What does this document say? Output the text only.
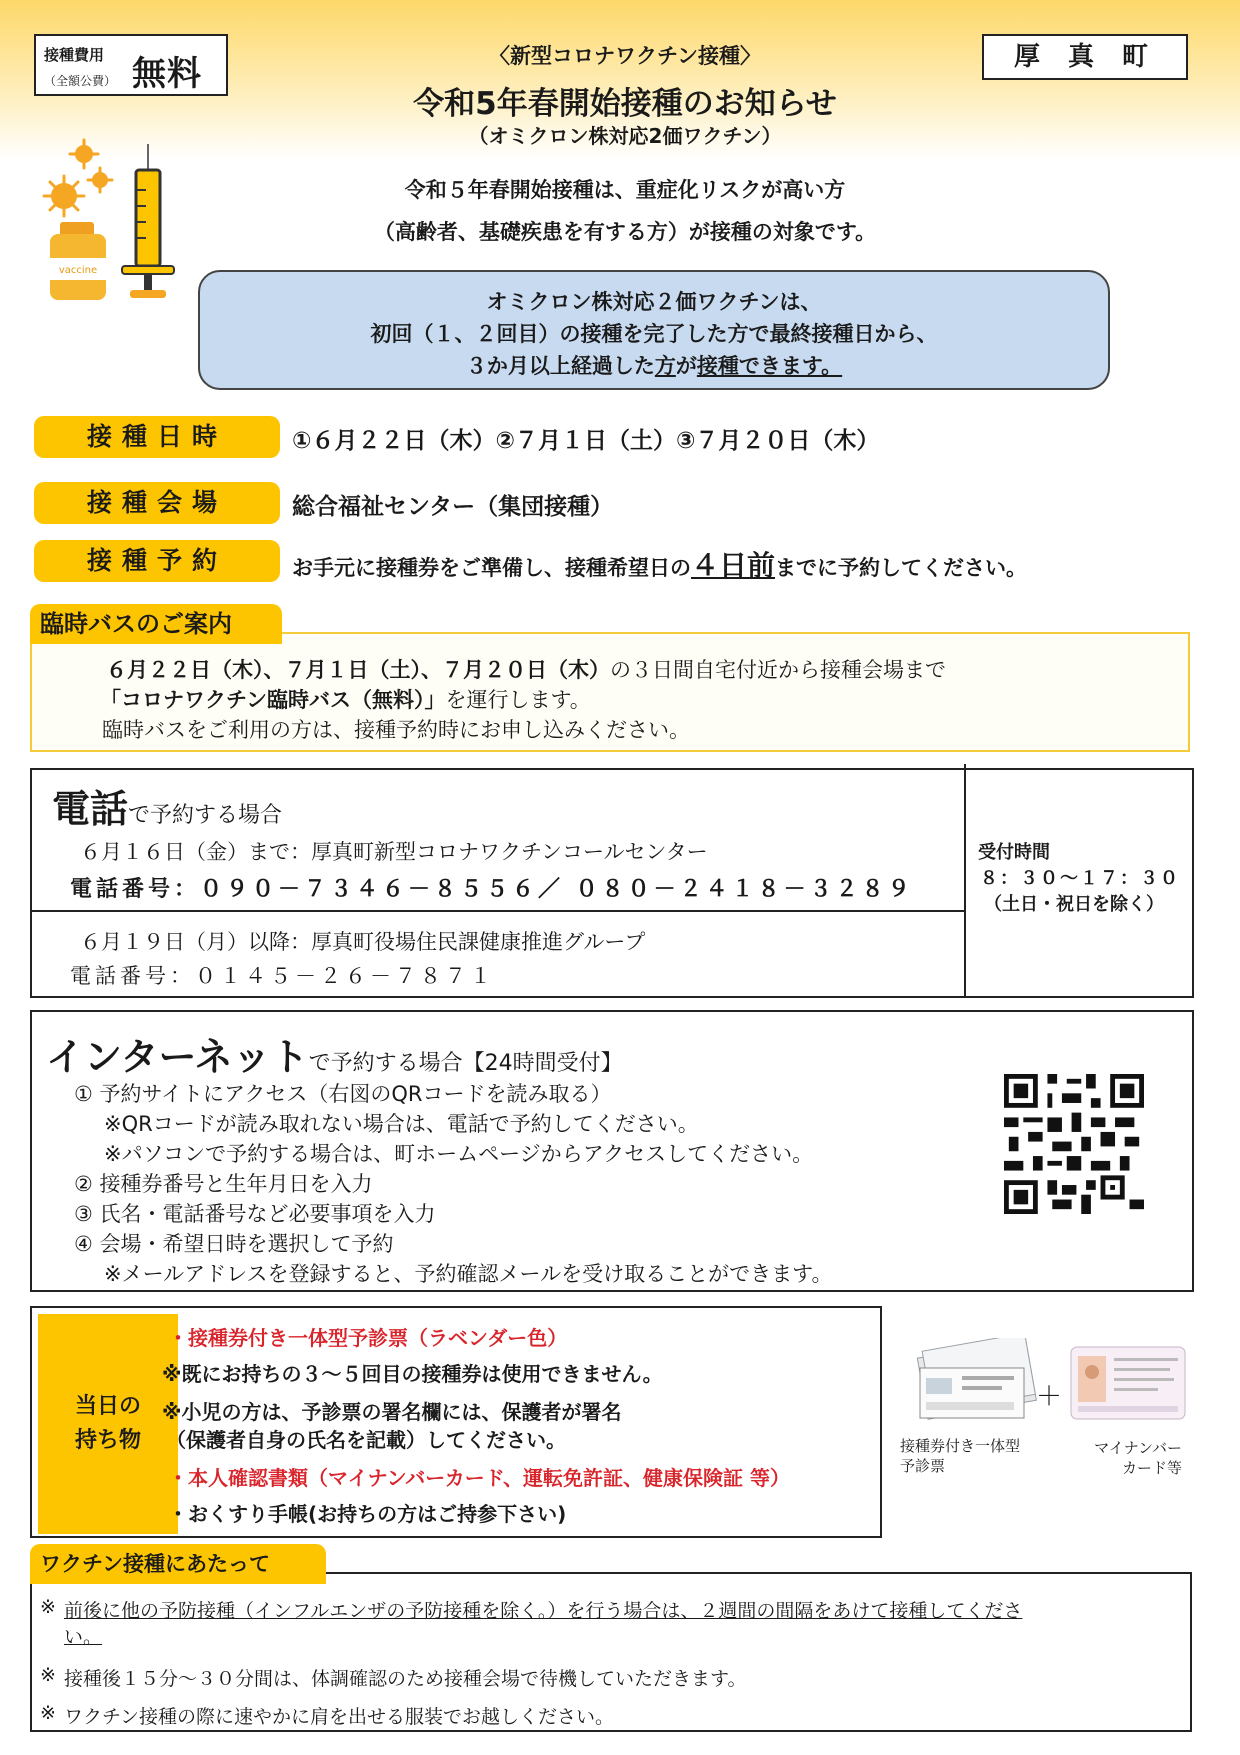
接種費用
（全額公費） 無料	厚真町
〈新型コロナワクチン接種〉
令和5年春開始接種のお知らせ
（オミクロン株対応2価ワクチン）
vaccine
令和５年春開始接種は、重症化リスクが高い方
（高齢者、基礎疾患を有する方）が接種の対象です。
オミクロン株対応２価ワクチンは、
初回（１、２回目）の接種を完了した方で最終接種日から、
３か月以上経過した方が接種できます。
接種日時	①６月２２日（木）②７月１日（土）③７月２０日（木）
接種会場	総合福祉センター（集団接種）
接種予約	お手元に接種券をご準備し、接種希望日の４日前までに予約してください。
６月２２日（木）、７月１日（土）、７月２０日（木）の３日間自宅付近から接種会場まで
「コロナワクチン臨時バス（無料）」を運行します。
臨時バスをご利用の方は、接種予約時にお申し込みください。
臨時バスのご案内
電話で予約する場合
６月１６日（金）まで：厚真町新型コロナワクチンコールセンター
電話番号：０９０－７３４６－８５５６／ ０８０－２４１８－３２８９
６月１９日（月）以降：厚真町役場住民課健康推進グループ
電話番号：０１４５－２６－７８７１
受付時間
８：３０～１７：３０
（土日・祝日を除く）
インターネットで予約する場合【24時間受付】
① 予約サイトにアクセス（右図のQRコードを読み取る）
※QRコードが読み取れない場合は、電話で予約してください。
※パソコンで予約する場合は、町ホームページからアクセスしてください。
② 接種券番号と生年月日を入力
③ 氏名・電話番号など必要事項を入力
④ 会場・希望日時を選択して予約
※メールアドレスを登録すると、予約確認メールを受け取ることができます。
当日の
持ち物
・接種券付き一体型予診票（ラベンダー色）
※既にお持ちの３～５回目の接種券は使用できません。
※小児の方は、予診票の署名欄には、保護者が署名
（保護者自身の氏名を記載）してください。
・本人確認書類（マイナンバーカード、運転免許証、健康保険証 等）
・おくすり手帳(お持ちの方はご持参下さい)
＋
接種券付き一体型
予診票
マイナンバー
カード等
※ 前後に他の予防接種（インフルエンザの予防接種を除く。）を行う場合は、２週間の間隔をあけて接種してくださ
い。
※ 接種後１５分～３０分間は、体調確認のため接種会場で待機していただきます。
※ ワクチン接種の際に速やかに肩を出せる服装でお越しください。
ワクチン接種にあたって
